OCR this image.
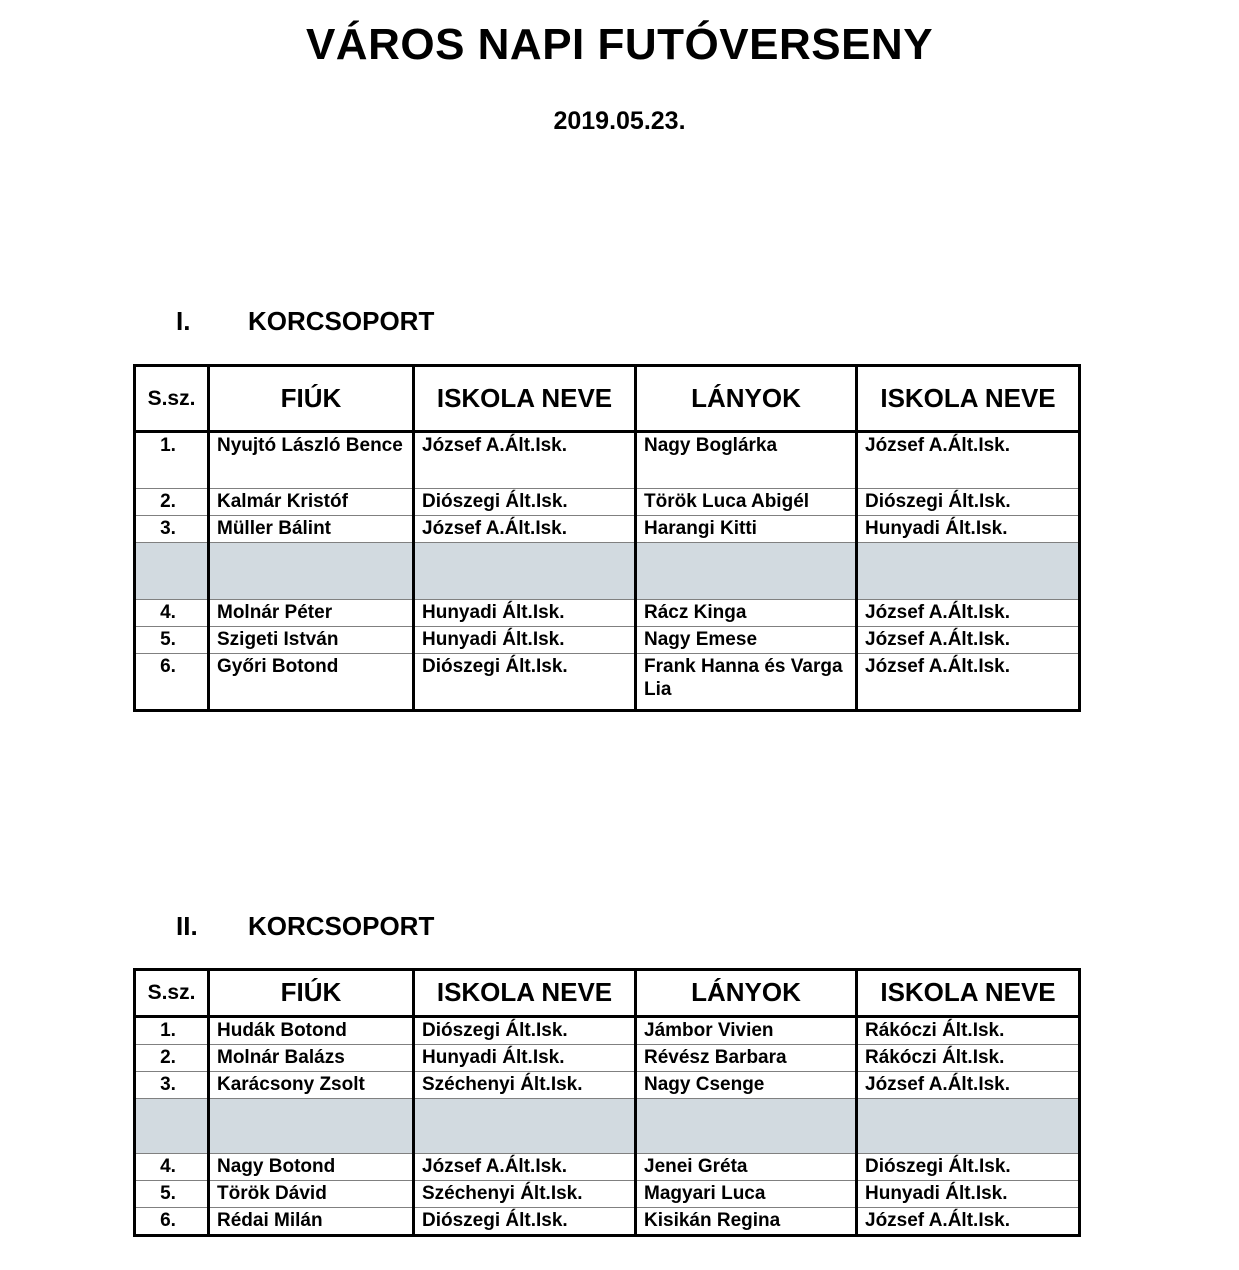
VÁROS NAPI FUTÓVERSENY
2019.05.23.
I. KORCSOPORT
S.sz.	FIÚK	ISKOLA NEVE	LÁNYOK	ISKOLA NEVE
1.	Nyujtó László Bence	József A.Ált.Isk.	Nagy Boglárka	József A.Ált.Isk.
2.	Kalmár Kristóf	Diószegi Ált.Isk.	Török Luca Abigél	Diószegi Ált.Isk.
3.	Müller Bálint	József A.Ált.Isk.	Harangi Kitti	Hunyadi Ált.Isk.

4.	Molnár Péter	Hunyadi Ált.Isk.	Rácz Kinga	József A.Ált.Isk.
5.	Szigeti István	Hunyadi Ált.Isk.	Nagy Emese	József A.Ált.Isk.
6.	Győri Botond	Diószegi Ált.Isk.	Frank Hanna és Varga Lia	József A.Ált.Isk.
II. KORCSOPORT
S.sz.	FIÚK	ISKOLA NEVE	LÁNYOK	ISKOLA NEVE
1.	Hudák Botond	Diószegi Ált.Isk.	Jámbor Vivien	Rákóczi Ált.Isk.
2.	Molnár Balázs	Hunyadi Ált.Isk.	Révész Barbara	Rákóczi Ált.Isk.
3.	Karácsony Zsolt	Széchenyi Ált.Isk.	Nagy Csenge	József A.Ált.Isk.

4.	Nagy Botond	József A.Ált.Isk.	Jenei Gréta	Diószegi Ált.Isk.
5.	Török Dávid	Széchenyi Ált.Isk.	Magyari Luca	Hunyadi Ált.Isk.
6.	Rédai Milán	Diószegi Ált.Isk.	Kisikán Regina	József A.Ált.Isk.
